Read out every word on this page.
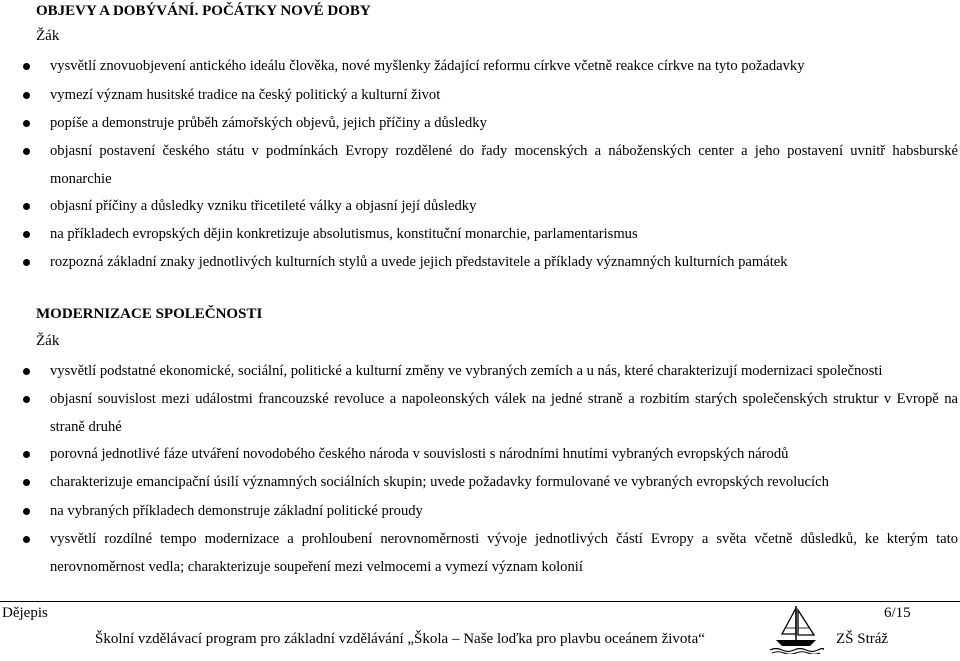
OBJEVY A DOBÝVÁNÍ. POČÁTKY NOVÉ DOBY
Žák
vysvětlí znovuobjevení antického ideálu člověka, nové myšlenky žádající reformu církve včetně reakce církve na tyto požadavky
vymezí význam husitské tradice na český politický a kulturní život
popíše a demonstruje průběh zámořských objevů, jejich příčiny a důsledky
objasní postavení českého státu v podmínkách Evropy rozdělené do řady mocenských a náboženských center a jeho postavení uvnitř habsburské monarchie
objasní příčiny a důsledky vzniku třicetileté války a objasní její důsledky
na příkladech evropských dějin konkretizuje absolutismus, konstituční monarchie, parlamentarismus
rozpozná základní znaky jednotlivých kulturních stylů a uvede jejich představitele a příklady významných kulturních památek
MODERNIZACE SPOLEČNOSTI
Žák
vysvětlí podstatné ekonomické, sociální, politické a kulturní změny ve vybraných zemích a u nás, které charakterizují modernizaci společnosti
objasní souvislost mezi událostmi francouzské revoluce a napoleonských válek na jedné straně a rozbitím starých společenských struktur v Evropě na straně druhé
porovná jednotlivé fáze utváření novodobého českého národa v souvislosti s národními hnutími vybraných evropských národů
charakterizuje emancipační úsilí významných sociálních skupin; uvede požadavky formulované ve vybraných evropských revolucích
na vybraných příkladech demonstruje základní politické proudy
vysvětlí rozdílné tempo modernizace a prohloubení nerovnoměrnosti vývoje jednotlivých částí Evropy a světa včetně důsledků, ke kterým tato nerovnoměrnost vedla; charakterizuje soupeření mezi velmocemi a vymezí význam kolonií
Dějepis	6/15
Školní vzdělávací program pro základní vzdělávání „Škola – Naše loďka pro plavbu oceánem života“	ZŠ Stráž
